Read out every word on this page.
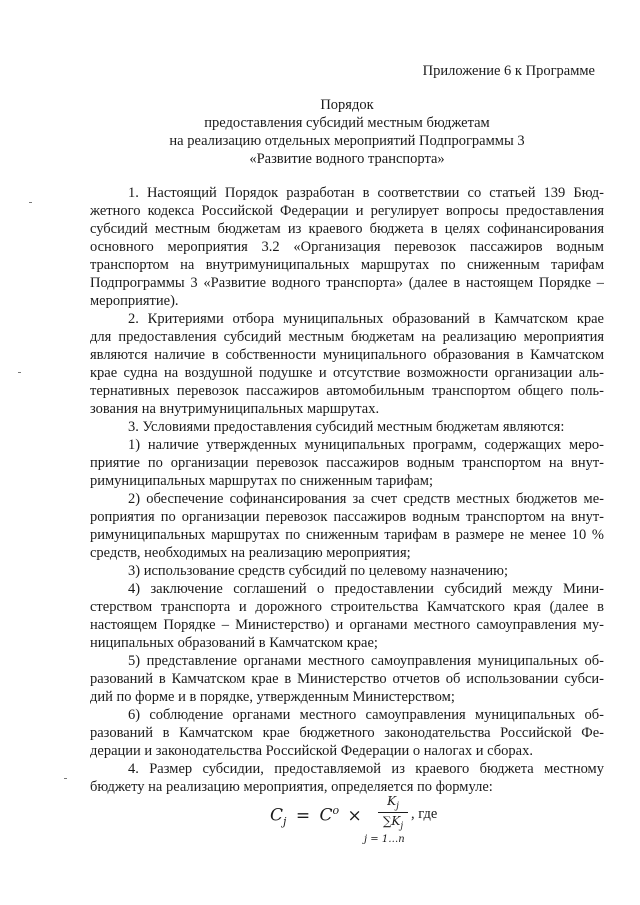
Приложение 6 к Программе
Порядок
предоставления субсидий местным бюджетам
на реализацию отдельных мероприятий Подпрограммы 3
«Развитие водного транспорта»
1. Настоящий Порядок разработан в соответствии со статьей 139 Бюд-
жетного кодекса Российской Федерации и регулирует вопросы предоставления
субсидий местным бюджетам из краевого бюджета в целях софинансирования
основного мероприятия 3.2 «Организация перевозок пассажиров водным
транспортом на внутримуниципальных маршрутах по сниженным тарифам
Подпрограммы 3 «Развитие водного транспорта» (далее в настоящем Порядке –
мероприятие).
2. Критериями отбора муниципальных образований в Камчатском крае
для предоставления субсидий местным бюджетам на реализацию мероприятия
являются наличие в собственности муниципального образования в Камчатском
крае судна на воздушной подушке и отсутствие возможности организации аль-
тернативных перевозок пассажиров автомобильным транспортом общего поль-
зования на внутримуниципальных маршрутах.
3. Условиями предоставления субсидий местным бюджетам являются:
1) наличие утвержденных муниципальных программ, содержащих меро-
приятие по организации перевозок пассажиров водным транспортом на внут-
римуниципальных маршрутах по сниженным тарифам;
2) обеспечение софинансирования за счет средств местных бюджетов ме-
роприятия по организации перевозок пассажиров водным транспортом на внут-
римуниципальных маршрутах по сниженным тарифам в размере не менее 10 %
средств, необходимых на реализацию мероприятия;
3) использование средств субсидий по целевому назначению;
4) заключение соглашений о предоставлении субсидий между Мини-
стерством транспорта и дорожного строительства Камчатского края (далее в
настоящем Порядке – Министерство) и органами местного самоуправления му-
ниципальных образований в Камчатском крае;
5) представление органами местного самоуправления муниципальных об-
разований в Камчатском крае в Министерство отчетов об использовании субси-
дий по форме и в порядке, утвержденным Министерством;
6) соблюдение органами местного самоуправления муниципальных об-
разований в Камчатском крае бюджетного законодательства Российской Фе-
дерации и законодательства Российской Федерации о налогах и сборах.
4. Размер субсидии, предоставляемой из краевого бюджета местному
бюджету на реализацию мероприятия, определяется по формуле:
$C_j = C^o \times \frac{K_j}{\sum K_j}$ , где
j = 1…n
